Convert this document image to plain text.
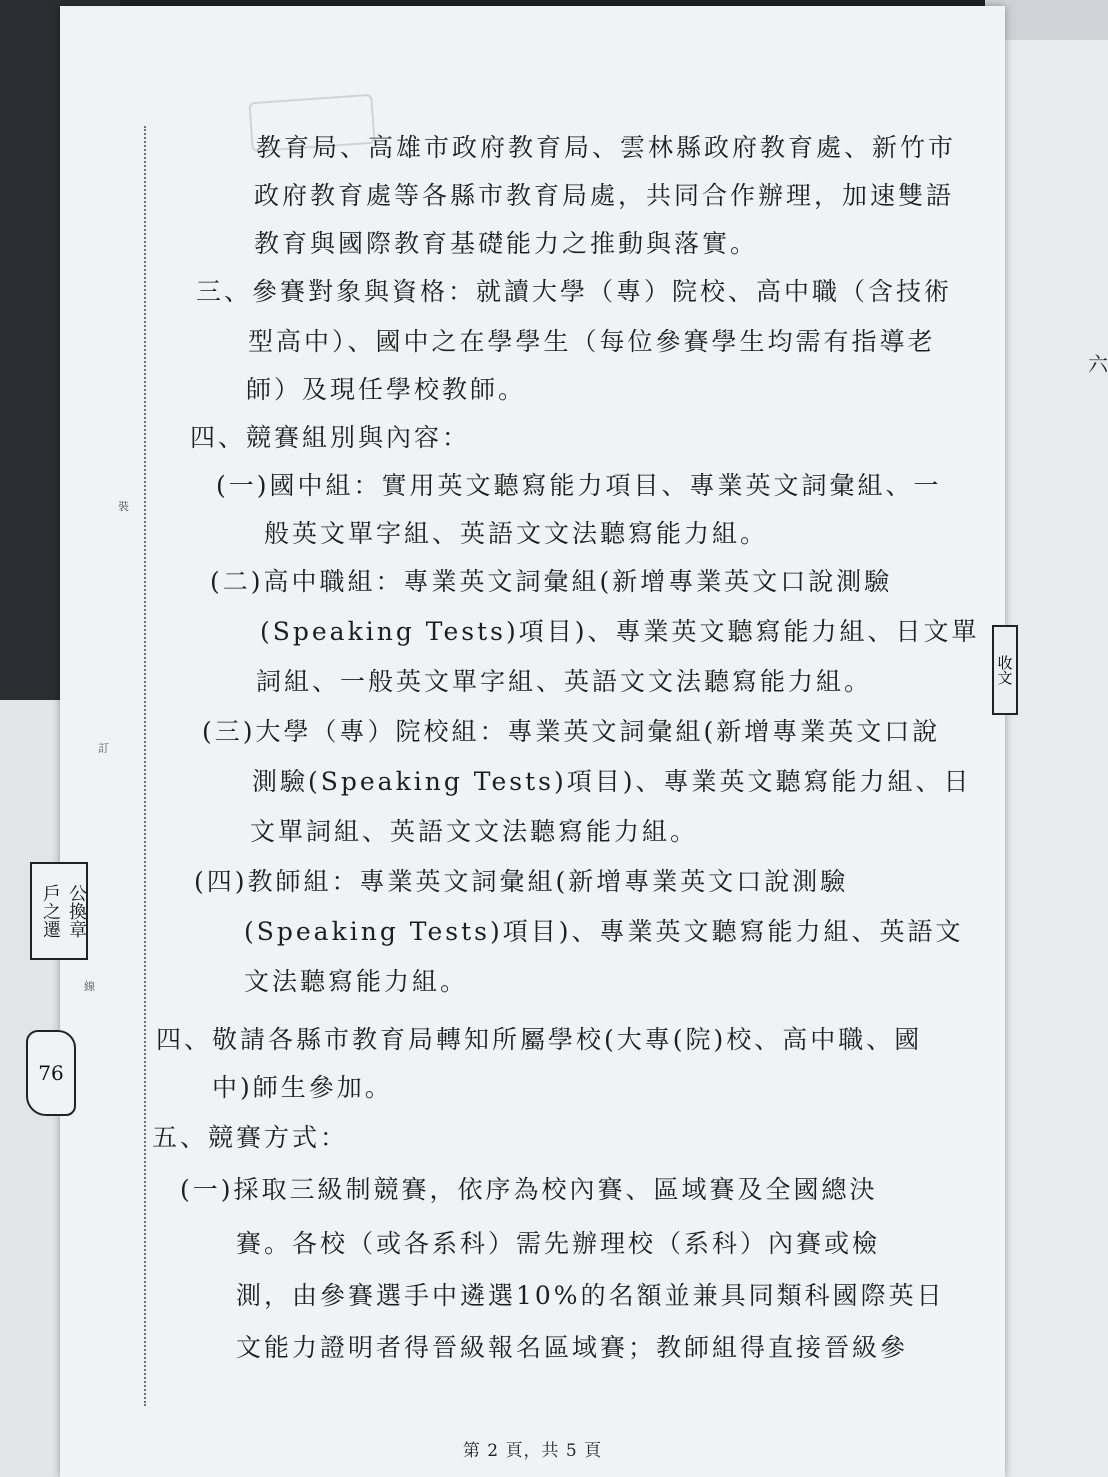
裝
訂
線
教育局、高雄市政府教育局、雲林縣政府教育處、新竹市
政府教育處等各縣市教育局處，共同合作辦理，加速雙語
教育與國際教育基礎能力之推動與落實。
三、參賽對象與資格：就讀大學（專）院校、高中職（含技術
型高中）、國中之在學學生（每位參賽學生均需有指導老
師）及現任學校教師。
四、競賽組別與內容：
(一)國中組：實用英文聽寫能力項目、專業英文詞彙組、一
般英文單字組、英語文文法聽寫能力組。
(二)高中職組：專業英文詞彙組(新增專業英文口說測驗
(Speaking Tests)項目)、專業英文聽寫能力組、日文單
詞組、一般英文單字組、英語文文法聽寫能力組。
(三)大學（專）院校組：專業英文詞彙組(新增專業英文口說
測驗(Speaking Tests)項目)、專業英文聽寫能力組、日
文單詞組、英語文文法聽寫能力組。
(四)教師組：專業英文詞彙組(新增專業英文口說測驗
(Speaking Tests)項目)、專業英文聽寫能力組、英語文
文法聽寫能力組。
四、敬請各縣市教育局轉知所屬學校(大專(院)校、高中職、國
中)師生參加。
五、競賽方式：
(一)採取三級制競賽，依序為校內賽、區域賽及全國總決
賽。各校（或各系科）需先辦理校（系科）內賽或檢
測，由參賽選手中遴選10%的名額並兼具同類科國際英日
文能力證明者得晉級報名區域賽；教師組得直接晉級參
第 2 頁，共 5 頁
公換章
戶之遷
76
收文
六
